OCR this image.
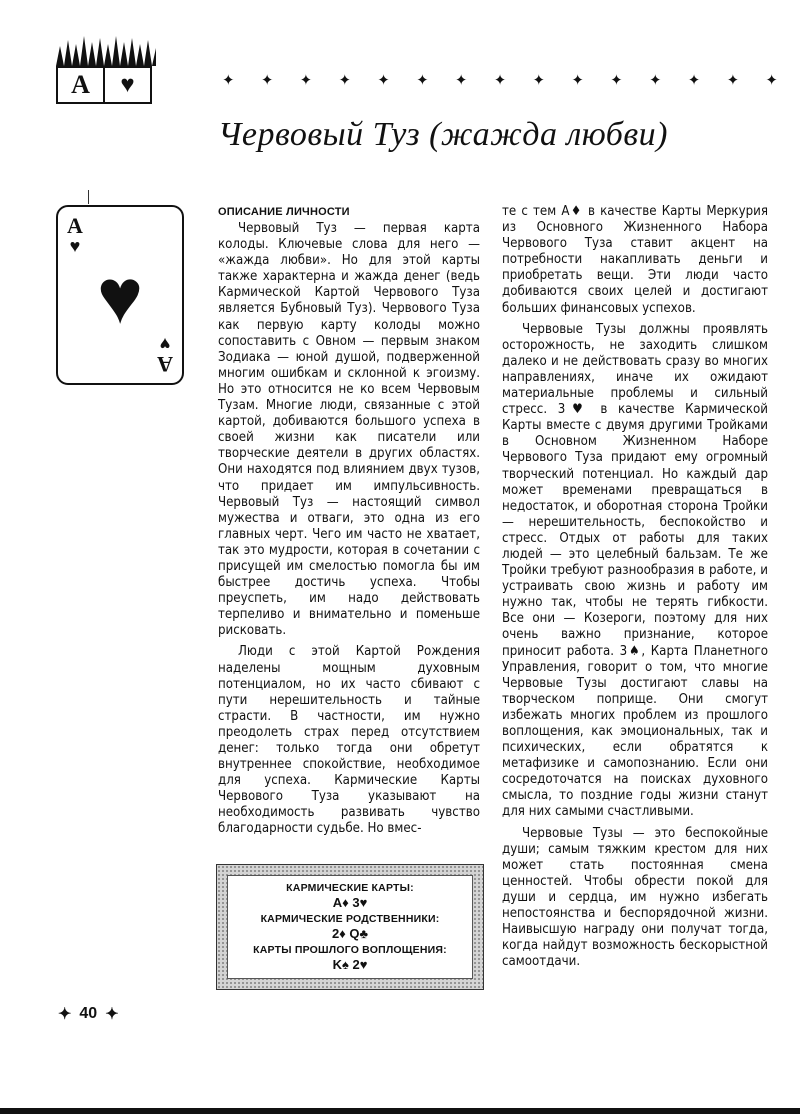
A	♥	✦ ✦ ✦ ✦ ✦ ✦ ✦ ✦ ✦ ✦ ✦ ✦ ✦ ✦ ✦
Червовый Туз (жажда любви)
A
♥
♥
A
♥

ОПИСАНИЕ ЛИЧНОСТИ

Червовый Туз — первая карта колоды. Ключевые слова для него — «жажда любви». Но для этой карты также характерна и жажда денег (ведь Кармической Картой Червового Туза является Бубновый Туз). Червового Туза как первую карту колоды можно сопоставить с Овном — первым знаком Зодиака — юной душой, подверженной многим ошибкам и склонной к эгоизму. Но это относится не ко всем Червовым Тузам. Многие люди, связанные с этой картой, добиваются большого успеха в своей жизни как писатели или творческие деятели в других областях. Они находятся под влиянием двух тузов, что придает им импульсивность. Червовый Туз — настоящий символ мужества и отваги, это одна из его главных черт. Чего им часто не хватает, так это мудрости, которая в сочетании с присущей им смелостью помогла бы им быстрее достичь успеха. Чтобы преуспеть, им надо действовать терпеливо и внимательно и поменьше рисковать.

Люди с этой Картой Рождения наделены мощным духовным потенциалом, но их часто сбивают с пути нерешительность и тайные страсти. В частности, им нужно преодолеть страх перед отсутствием денег: только тогда они обретут внутреннее спокойствие, необходимое для успеха. Кармические Карты Червового Туза указывают на необходимость развивать чувство благодарности судьбе. Но вмес-

те с тем A♦ в качестве Карты Меркурия из Основного Жизненного Набора Червового Туза ставит акцент на потребности накапливать деньги и приобретать вещи. Эти люди часто добиваются своих целей и достигают больших финансовых успехов.

Червовые Тузы должны проявлять осторожность, не заходить слишком далеко и не действовать сразу во многих направлениях, иначе их ожидают материальные проблемы и сильный стресс. 3♥ в качестве Кармической Карты вместе с двумя другими Тройками в Основном Жизненном Наборе Червового Туза придают ему огромный творческий потенциал. Но каждый дар может временами превращаться в недостаток, и оборотная сторона Тройки — нерешительность, беспокойство и стресс. Отдых от работы для таких людей — это целебный бальзам. Те же Тройки требуют разнообразия в работе, и устраивать свою жизнь и работу им нужно так, чтобы не терять гибкости. Все они — Козероги, поэтому для них очень важно признание, которое приносит работа. 3♠, Карта Планетного Управления, говорит о том, что многие Червовые Тузы достигают славы на творческом поприще. Они смогут избежать многих проблем из прошлого воплощения, как эмоциональных, так и психических, если обратятся к метафизике и самопознанию. Если они сосредоточатся на поисках духовного смысла, то поздние годы жизни станут для них самыми счастливыми.

Червовые Тузы — это беспокойные души; самым тяжким крестом для них может стать постоянная смена ценностей. Чтобы обрести покой для души и сердца, им нужно избегать непостоянства и беспорядочной жизни. Наивысшую награду они получат тогда, когда найдут возможность бескорыстной самоотдачи.

КАРМИЧЕСКИЕ КАРТЫ:
A♦ 3♥
КАРМИЧЕСКИЕ РОДСТВЕННИКИ:
2♦ Q♣
КАРТЫ ПРОШЛОГО ВОПЛОЩЕНИЯ:
K♠ 2♥
✦ 40 ✦
